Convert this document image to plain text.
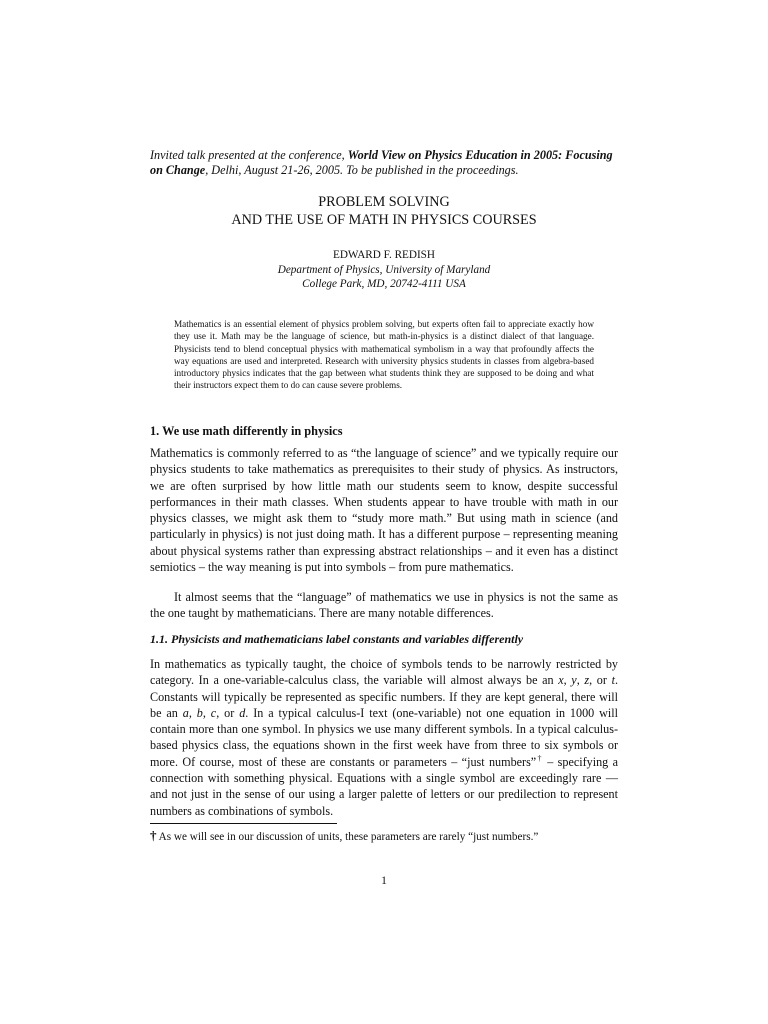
Invited talk presented at the conference, World View on Physics Education in 2005: Focusing on Change, Delhi, August 21-26, 2005. To be published in the proceedings.
PROBLEM SOLVING
AND THE USE OF MATH IN PHYSICS COURSES
EDWARD F. REDISH
Department of Physics, University of Maryland
College Park, MD, 20742-4111 USA
Mathematics is an essential element of physics problem solving, but experts often fail to appreciate exactly how they use it. Math may be the language of science, but math-in-physics is a distinct dialect of that language. Physicists tend to blend conceptual physics with mathematical symbolism in a way that profoundly affects the way equations are used and interpreted. Research with university physics students in classes from algebra-based introductory physics indicates that the gap between what students think they are supposed to be doing and what their instructors expect them to do can cause severe problems.
1. We use math differently in physics

Mathematics is commonly referred to as “the language of science” and we typically require our physics students to take mathematics as prerequisites to their study of physics. As instructors, we are often surprised by how little math our students seem to know, despite successful performances in their math classes. When students appear to have trouble with math in our physics classes, we might ask them to “study more math.” But using math in science (and particularly in physics) is not just doing math. It has a different purpose – representing meaning about physical systems rather than expressing abstract relationships – and it even has a distinct semiotics – the way meaning is put into symbols – from pure mathematics.

It almost seems that the “language” of mathematics we use in physics is not the same as the one taught by mathematicians. There are many notable differences.

1.1. Physicists and mathematicians label constants and variables differently

In mathematics as typically taught, the choice of symbols tends to be narrowly restricted by category. In a one-variable-calculus class, the variable will almost always be an x, y, z, or t. Constants will typically be represented as specific numbers. If they are kept general, there will be an a, b, c, or d. In a typical calculus-I text (one-variable) not one equation in 1000 will contain more than one symbol. In physics we use many different symbols. In a typical calculus-based physics class, the equations shown in the first week have from three to six symbols or more. Of course, most of these are constants or parameters – “just numbers”† – specifying a connection with something physical. Equations with a single symbol are exceedingly rare — and not just in the sense of our using a larger palette of letters or our predilection to represent numbers as combinations of symbols.

† As we will see in our discussion of units, these parameters are rarely “just numbers.”
1
